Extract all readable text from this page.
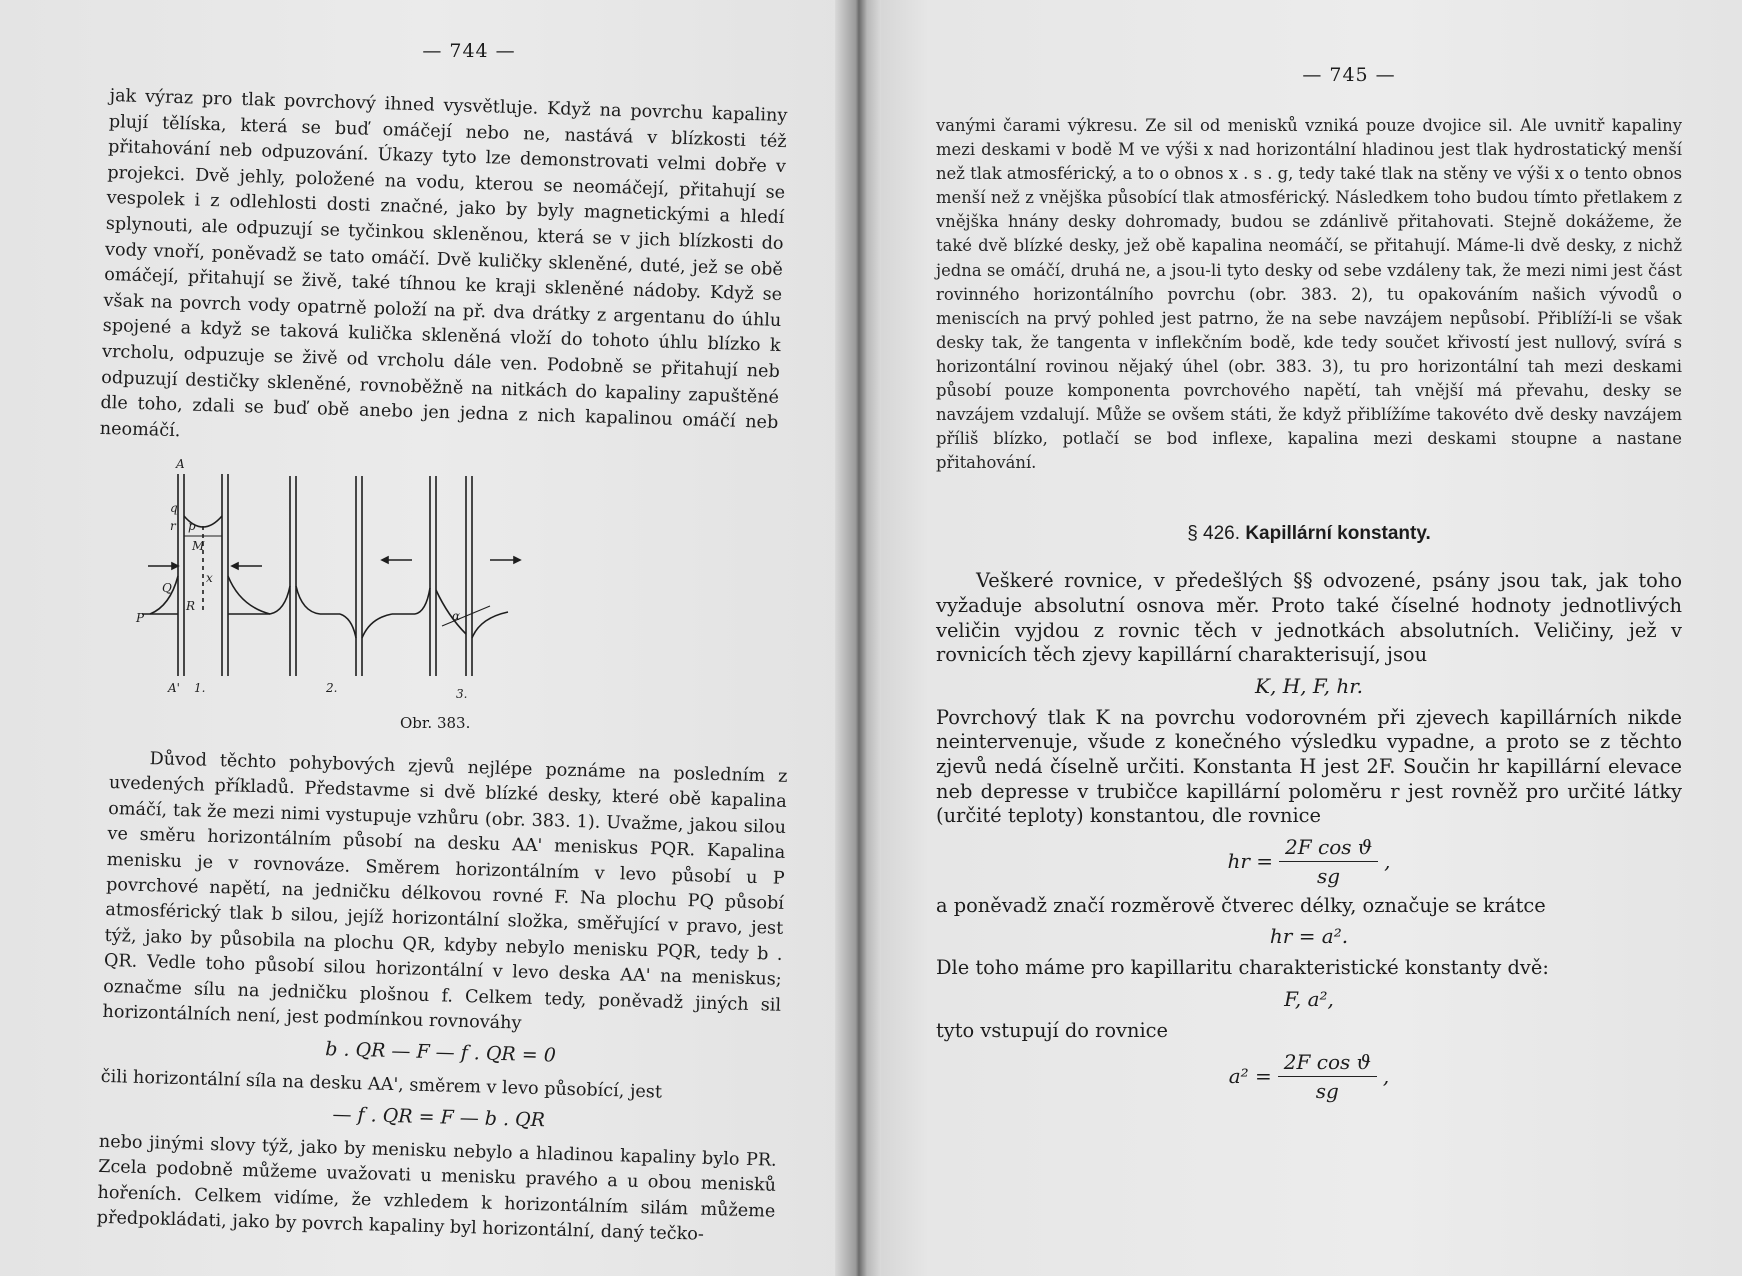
— 744 —

jak výraz pro tlak povrchový ihned vysvětluje. Když na povrchu kapaliny plují tělíska, která se buď omáčejí nebo ne, nastává v blízkosti též přitahování neb odpuzování. Úkazy tyto lze demonstrovati velmi dobře v projekci. Dvě jehly, položené na vodu, kterou se neomáčejí, přitahují se vespolek i z odlehlosti dosti značné, jako by byly magnetickými a hledí splynouti, ale odpuzují se tyčinkou skleněnou, která se v jich blízkosti do vody vnoří, poněvadž se tato omáčí. Dvě kuličky skleněné, duté, jež se obě omáčejí, přitahují se živě, také tíhnou ke kraji skleněné nádoby. Když se však na povrch vody opatrně položí na př. dva drátky z argentanu do úhlu spojené a když se taková kulička skleněná vloží do tohoto úhlu blízko k vrcholu, odpuzuje se živě od vrcholu dále ven. Podobně se přitahují neb odpuzují destičky skleněné, rovnoběžně na nitkách do kapaliny zapuštěné dle toho, zdali se buď obě anebo jen jedna z nich kapalinou omáčí neb neomáčí.

A
q
r p
M
x
Q
R
P
A' 1.	2.	3.
α
Obr. 383.

Důvod těchto pohybových zjevů nejlépe poznáme na posledním z uvedených příkladů. Představme si dvě blízké desky, které obě kapalina omáčí, tak že mezi nimi vystupuje vzhůru (obr. 383. 1). Uvažme, jakou silou ve směru horizontálním působí na desku AA' meniskus PQR. Kapalina menisku je v rovnováze. Směrem horizontálním v levo působí u P povrchové napětí, na jedničku délkovou rovné F. Na plochu PQ působí atmosférický tlak b silou, jejíž horizontální složka, směřující v pravo, jest týž, jako by působila na plochu QR, kdyby nebylo menisku PQR, tedy b . QR. Vedle toho působí silou horizontální v levo deska AA' na meniskus; označme sílu na jedničku plošnou f. Celkem tedy, poněvadž jiných sil horizontálních není, jest podmínkou rovnováhy

b . QR — F — f . QR = 0

čili horizontální síla na desku AA', směrem v levo působící, jest

— f . QR = F — b . QR

nebo jinými slovy týž, jako by menisku nebylo a hladinou kapaliny bylo PR. Zcela podobně můžeme uvažovati u menisku pravého a u obou menisků hořeních. Celkem vidíme, že vzhledem k horizontálním silám můžeme předpokládati, jako by povrch kapaliny byl horizontální, daný tečko-

— 745 —

vanými čarami výkresu. Ze sil od menisků vzniká pouze dvojice sil. Ale uvnitř kapaliny mezi deskami v bodě M ve výši x nad horizontální hladinou jest tlak hydrostatický menší než tlak atmosférický, a to o obnos x . s . g, tedy také tlak na stěny ve výši x o tento obnos menší než z vnějška působící tlak atmosférický. Následkem toho budou tímto přetlakem z vnějška hnány desky dohromady, budou se zdánlivě přitahovati. Stejně dokážeme, že také dvě blízké desky, jež obě kapalina neomáčí, se přitahují. Máme-li dvě desky, z nichž jedna se omáčí, druhá ne, a jsou-li tyto desky od sebe vzdáleny tak, že mezi nimi jest část rovinného horizontálního povrchu (obr. 383. 2), tu opakováním našich vývodů o meniscích na prvý pohled jest patrno, že na sebe navzájem nepůsobí. Přiblíží-li se však desky tak, že tangenta v inflekčním bodě, kde tedy součet křivostí jest nullový, svírá s horizontální rovinou nějaký úhel (obr. 383. 3), tu pro horizontální tah mezi deskami působí pouze komponenta povrchového napětí, tah vnější má převahu, desky se navzájem vzdalují. Může se ovšem státi, že když přiblížíme takovéto dvě desky navzájem příliš blízko, potlačí se bod inflexe, kapalina mezi deskami stoupne a nastane přitahování.

§ 426. Kapillární konstanty.

Veškeré rovnice, v předešlých §§ odvozené, psány jsou tak, jak toho vyžaduje absolutní osnova měr. Proto také číselné hodnoty jednotlivých veličin vyjdou z rovnic těch v jednotkách absolutních. Veličiny, jež v rovnicích těch zjevy kapillární charakterisují, jsou

K, H, F, hr.

Povrchový tlak K na povrchu vodorovném při zjevech kapillárních nikde neintervenuje, všude z konečného výsledku vypadne, a proto se z těchto zjevů nedá číselně určiti. Konstanta H jest 2F. Součin hr kapillární elevace neb depresse v trubičce kapillární poloměru r jest rovněž pro určité látky (určité teploty) konstantou, dle rovnice

hr = $\frac{\text{2F cos ϑ}}{sg}$ ,

a poněvadž značí rozměrově čtverec délky, označuje se krátce

hr = a².

Dle toho máme pro kapillaritu charakteristické konstanty dvě:

F, a²,

tyto vstupují do rovnice

$a^2 = \frac{\text{2F cos ϑ}}{sg}$ ,
